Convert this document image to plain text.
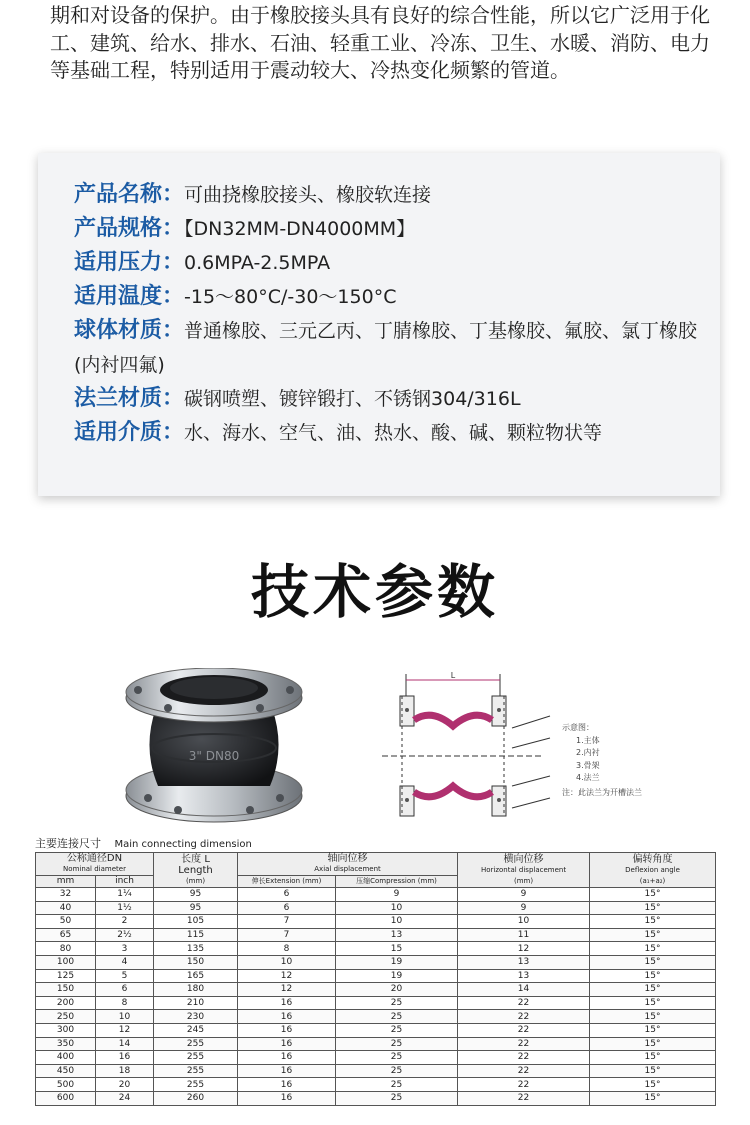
期和对设备的保护。由于橡胶接头具有良好的综合性能，所以它广泛用于化工、建筑、给水、排水、石油、轻重工业、冷冻、卫生、水暖、消防、电力等基础工程，特别适用于震动较大、冷热变化频繁的管道。

产品名称：可曲挠橡胶接头、橡胶软连接
产品规格：【DN32MM-DN4000MM】
适用压力：0.6MPA-2.5MPA
适用温度：-15～80°C/-30～150°C
球体材质：普通橡胶、三元乙丙、丁腈橡胶、丁基橡胶、氟胶、氯丁橡胶(内衬四氟)
法兰材质：碳钢喷塑、镀锌锻打、不锈钢304/316L
适用介质：水、海水、空气、油、热水、酸、碱、颗粒物状等
技术参数
3" DN80
L
示意图：
1.主体
2.内衬
3.骨架
4.法兰
注：此法兰为开槽法兰
主要连接尺寸 Main connecting dimension
公称通径DN
Nominal diameter		长度 L
Length
(mm)	轴向位移
Axial displacement		横向位移
Horizontal displacement
(mm)	偏转角度
Deflexion angle
(a₁+a₂)

mm	inch		伸长Extension (mm)	压缩Compression (mm)		

32	1¼	95	6	9	9	15°
40	1½	95	6	10	9	15°
50	2	105	7	10	10	15°
65	2½	115	7	13	11	15°
80	3	135	8	15	12	15°
100	4	150	10	19	13	15°
125	5	165	12	19	13	15°
150	6	180	12	20	14	15°
200	8	210	16	25	22	15°
250	10	230	16	25	22	15°
300	12	245	16	25	22	15°
350	14	255	16	25	22	15°
400	16	255	16	25	22	15°
450	18	255	16	25	22	15°
500	20	255	16	25	22	15°
600	24	260	16	25	22	15°
